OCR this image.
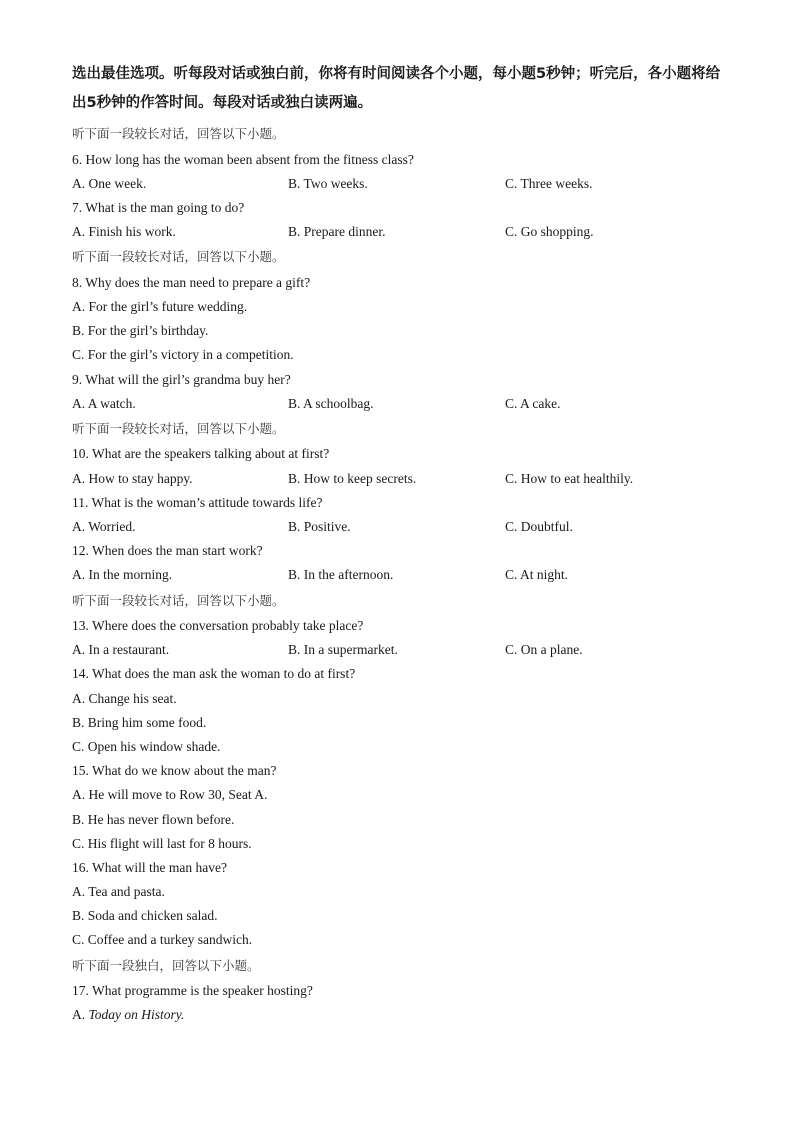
选出最佳选项。听每段对话或独白前，你将有时间阅读各个小题，每小题5秒钟；听完后，各小题将给出5秒钟的作答时间。每段对话或独白读两遍。

听下面一段较长对话，回答以下小题。
6. How long has the woman been absent from the fitness class?
A. One week.	B. Two weeks.	C. Three weeks.
7. What is the man going to do?
A. Finish his work.	B. Prepare dinner.	C. Go shopping.
听下面一段较长对话，回答以下小题。
8. Why does the man need to prepare a gift?
A. For the girl’s future wedding.
B. For the girl’s birthday.
C. For the girl’s victory in a competition.
9. What will the girl’s grandma buy her?
A. A watch.	B. A schoolbag.	C. A cake.
听下面一段较长对话，回答以下小题。
10. What are the speakers talking about at first?
A. How to stay happy.	B. How to keep secrets.	C. How to eat healthily.
11. What is the woman’s attitude towards life?
A. Worried.	B. Positive.	C. Doubtful.
12. When does the man start work?
A. In the morning.	B. In the afternoon.	C. At night.
听下面一段较长对话，回答以下小题。
13. Where does the conversation probably take place?
A. In a restaurant.	B. In a supermarket.	C. On a plane.
14. What does the man ask the woman to do at first?
A. Change his seat.
B. Bring him some food.
C. Open his window shade.
15. What do we know about the man?
A. He will move to Row 30, Seat A.
B. He has never flown before.
C. His flight will last for 8 hours.
16. What will the man have?
A. Tea and pasta.
B. Soda and chicken salad.
C. Coffee and a turkey sandwich.
听下面一段独白，回答以下小题。
17. What programme is the speaker hosting?
A. Today on History.
